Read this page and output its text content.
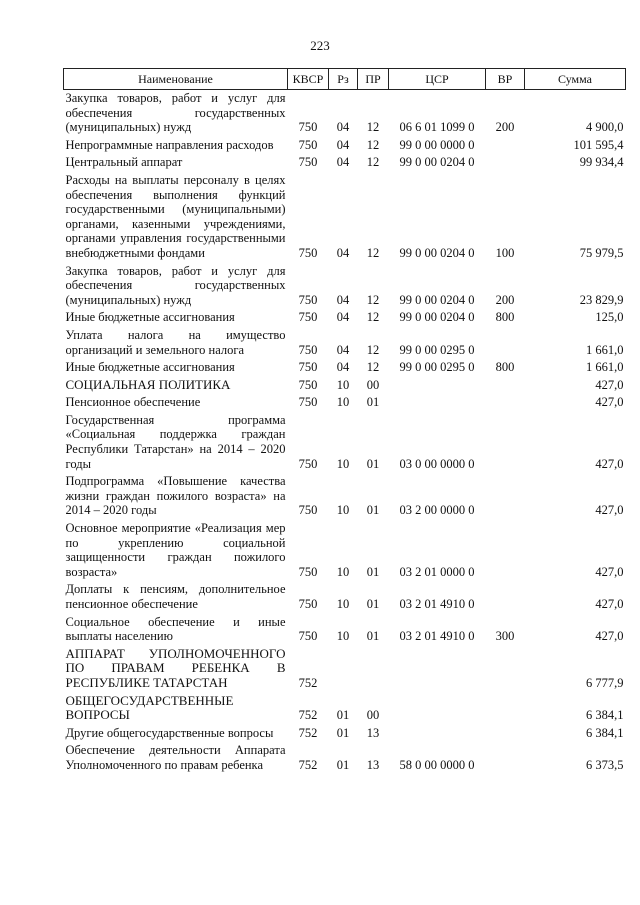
223
Наименование	КВСР	Рз	ПР	ЦСР	ВР	Сумма
Закупка товаров, работ и услуг для обеспечения государственных (муниципальных) нужд	750	04	12	06 6 01 1099 0	200	4 900,0
Непрограммные направления расходов	750	04	12	99 0 00 0000 0		101 595,4
Центральный аппарат	750	04	12	99 0 00 0204 0		99 934,4
Расходы на выплаты персоналу в целях обеспечения выполнения функций государственными (муниципальными) органами, казенными учреждениями, органами управления государственными внебюджетными фондами	750	04	12	99 0 00 0204 0	100	75 979,5
Закупка товаров, работ и услуг для обеспечения государственных (муниципальных) нужд	750	04	12	99 0 00 0204 0	200	23 829,9
Иные бюджетные ассигнования	750	04	12	99 0 00 0204 0	800	125,0
Уплата налога на имущество организаций и земельного налога	750	04	12	99 0 00 0295 0		1 661,0
Иные бюджетные ассигнования	750	04	12	99 0 00 0295 0	800	1 661,0
СОЦИАЛЬНАЯ ПОЛИТИКА	750	10	00			427,0
Пенсионное обеспечение	750	10	01			427,0
Государственная программа «Социальная поддержка граждан Республики Татарстан» на 2014 – 2020 годы	750	10	01	03 0 00 0000 0		427,0
Подпрограмма «Повышение качества жизни граждан пожилого возраста» на 2014 – 2020 годы	750	10	01	03 2 00 0000 0		427,0
Основное мероприятие «Реализация мер по укреплению социальной защищенности граждан пожилого возраста»	750	10	01	03 2 01 0000 0		427,0
Доплаты к пенсиям, дополнительное пенсионное обеспечение	750	10	01	03 2 01 4910 0		427,0
Социальное обеспечение и иные выплаты населению	750	10	01	03 2 01 4910 0	300	427,0
АППАРАТ УПОЛНОМОЧЕННОГО ПО ПРАВАМ РЕБЕНКА В РЕСПУБЛИКЕ ТАТАРСТАН	752					6 777,9
ОБЩЕГОСУДАРСТВЕННЫЕ ВОПРОСЫ	752	01	00			6 384,1
Другие общегосударственные вопросы	752	01	13			6 384,1
Обеспечение деятельности Аппарата Уполномоченного по правам ребенка	752	01	13	58 0 00 0000 0		6 373,5
